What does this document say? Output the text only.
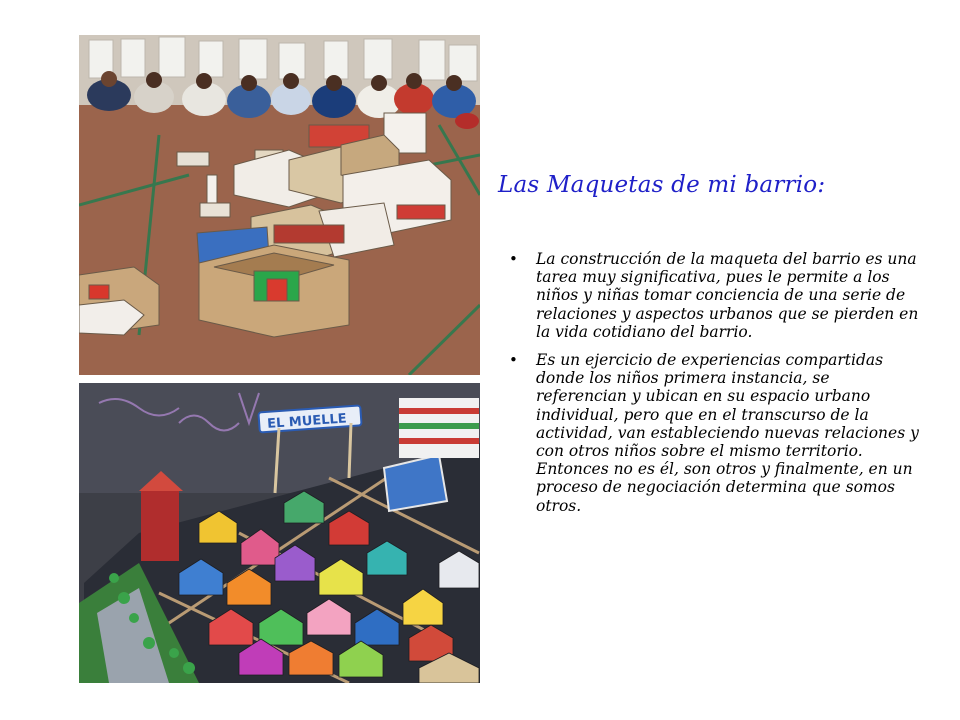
EL MUELLE
Las Maquetas de mi barrio:
• La construcción de la maqueta del barrio es una tarea muy significativa, pues le permite a los niños y niñas tomar conciencia de una serie de relaciones y aspectos urbanos que se pierden en la vida cotidiano del barrio.
• Es un ejercicio de experiencias compartidas donde los niños primera instancia, se referencian y ubican en su espacio urbano individual, pero que en el transcurso de la actividad, van estableciendo nuevas relaciones y con otros niños sobre el mismo territorio. Entonces no es él, son otros y finalmente, en un proceso de negociación determina que somos otros.
